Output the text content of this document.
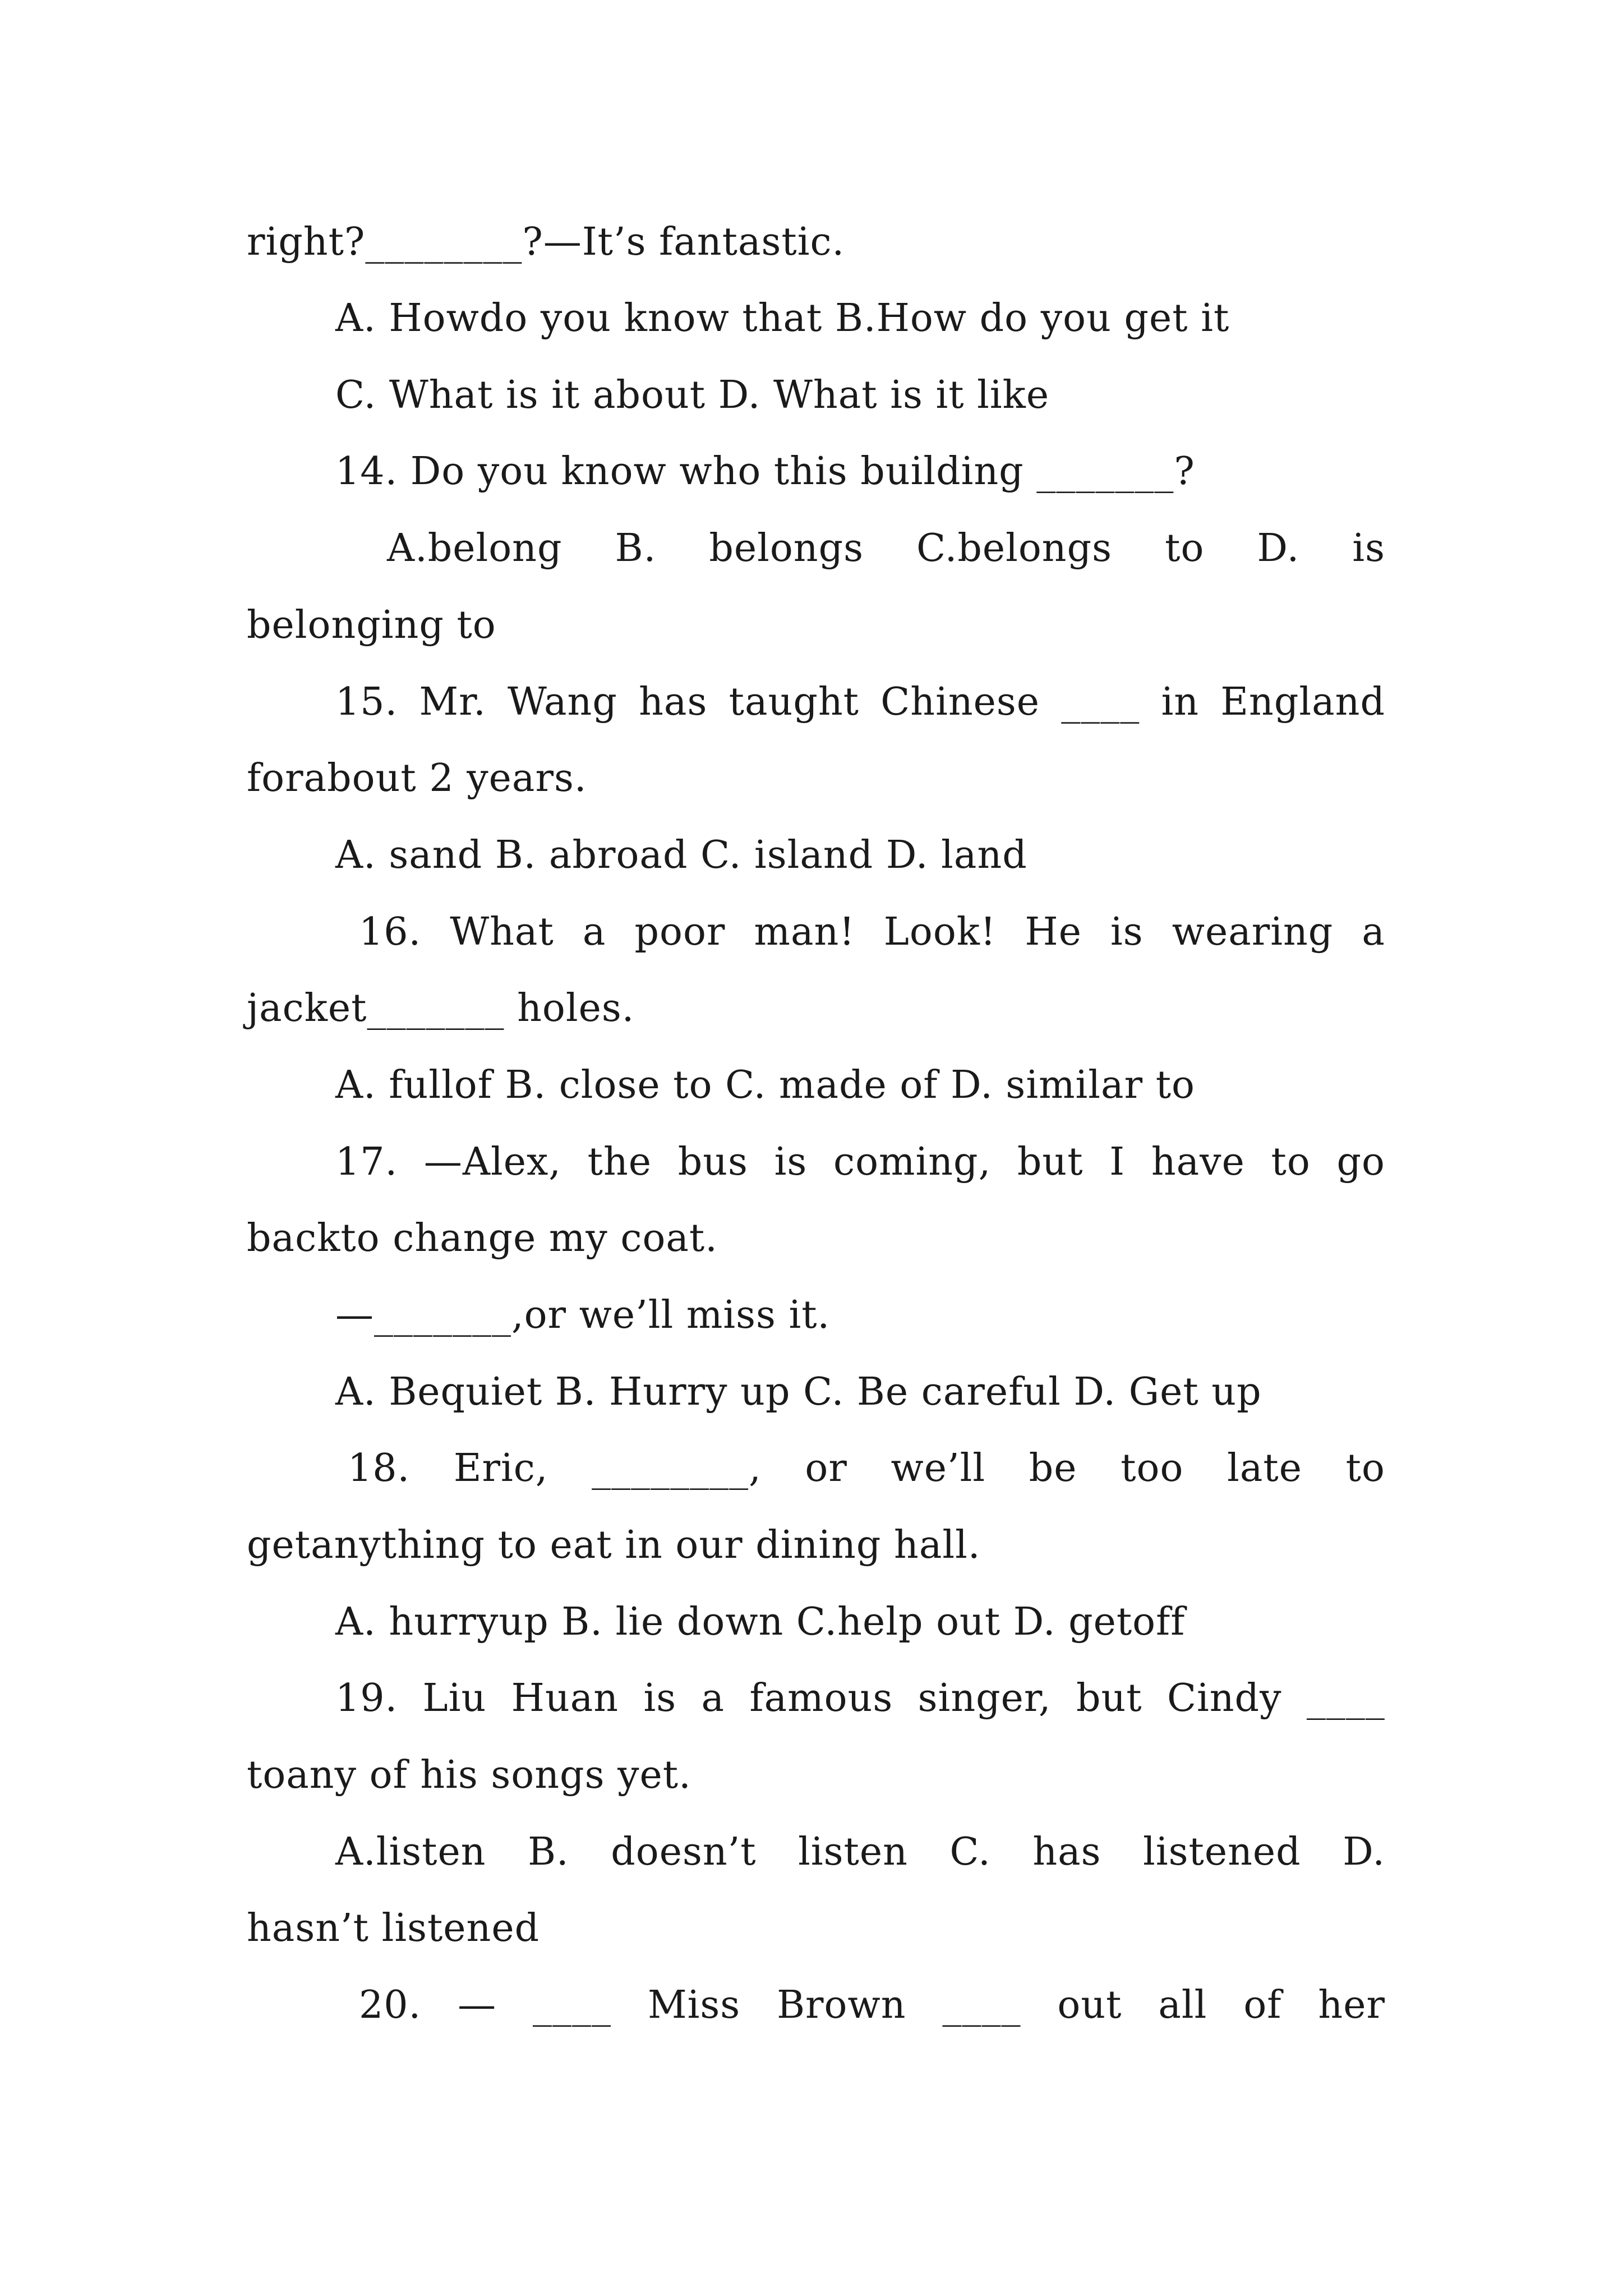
right?________?—It’s fantastic.
A. Howdo you know that B.How do you get it
C. What is it about D. What is it like
14. Do you know who this building _______?
A.belong B. belongs C.belongs to D. is
belonging to
15. Mr. Wang has taught Chinese ____ in England
forabout 2 years.
A. sand B. abroad C. island D. land
16. What a poor man! Look! He is wearing a
jacket_______ holes.
A. fullof B. close to C. made of D. similar to
17. —Alex, the bus is coming, but I have to go
backto change my coat.
—_______,or we’ll miss it.
A. Bequiet B. Hurry up C. Be careful D. Get up
18. Eric, ________, or we’ll be too late to
getanything to eat in our dining hall.
A. hurryup B. lie down C.help out D. getoff
19. Liu Huan is a famous singer, but Cindy ____
toany of his songs yet.
A.listen B. doesn’t listen C. has listened D.
hasn’t listened
20. — ____ Miss Brown ____ out all of her
